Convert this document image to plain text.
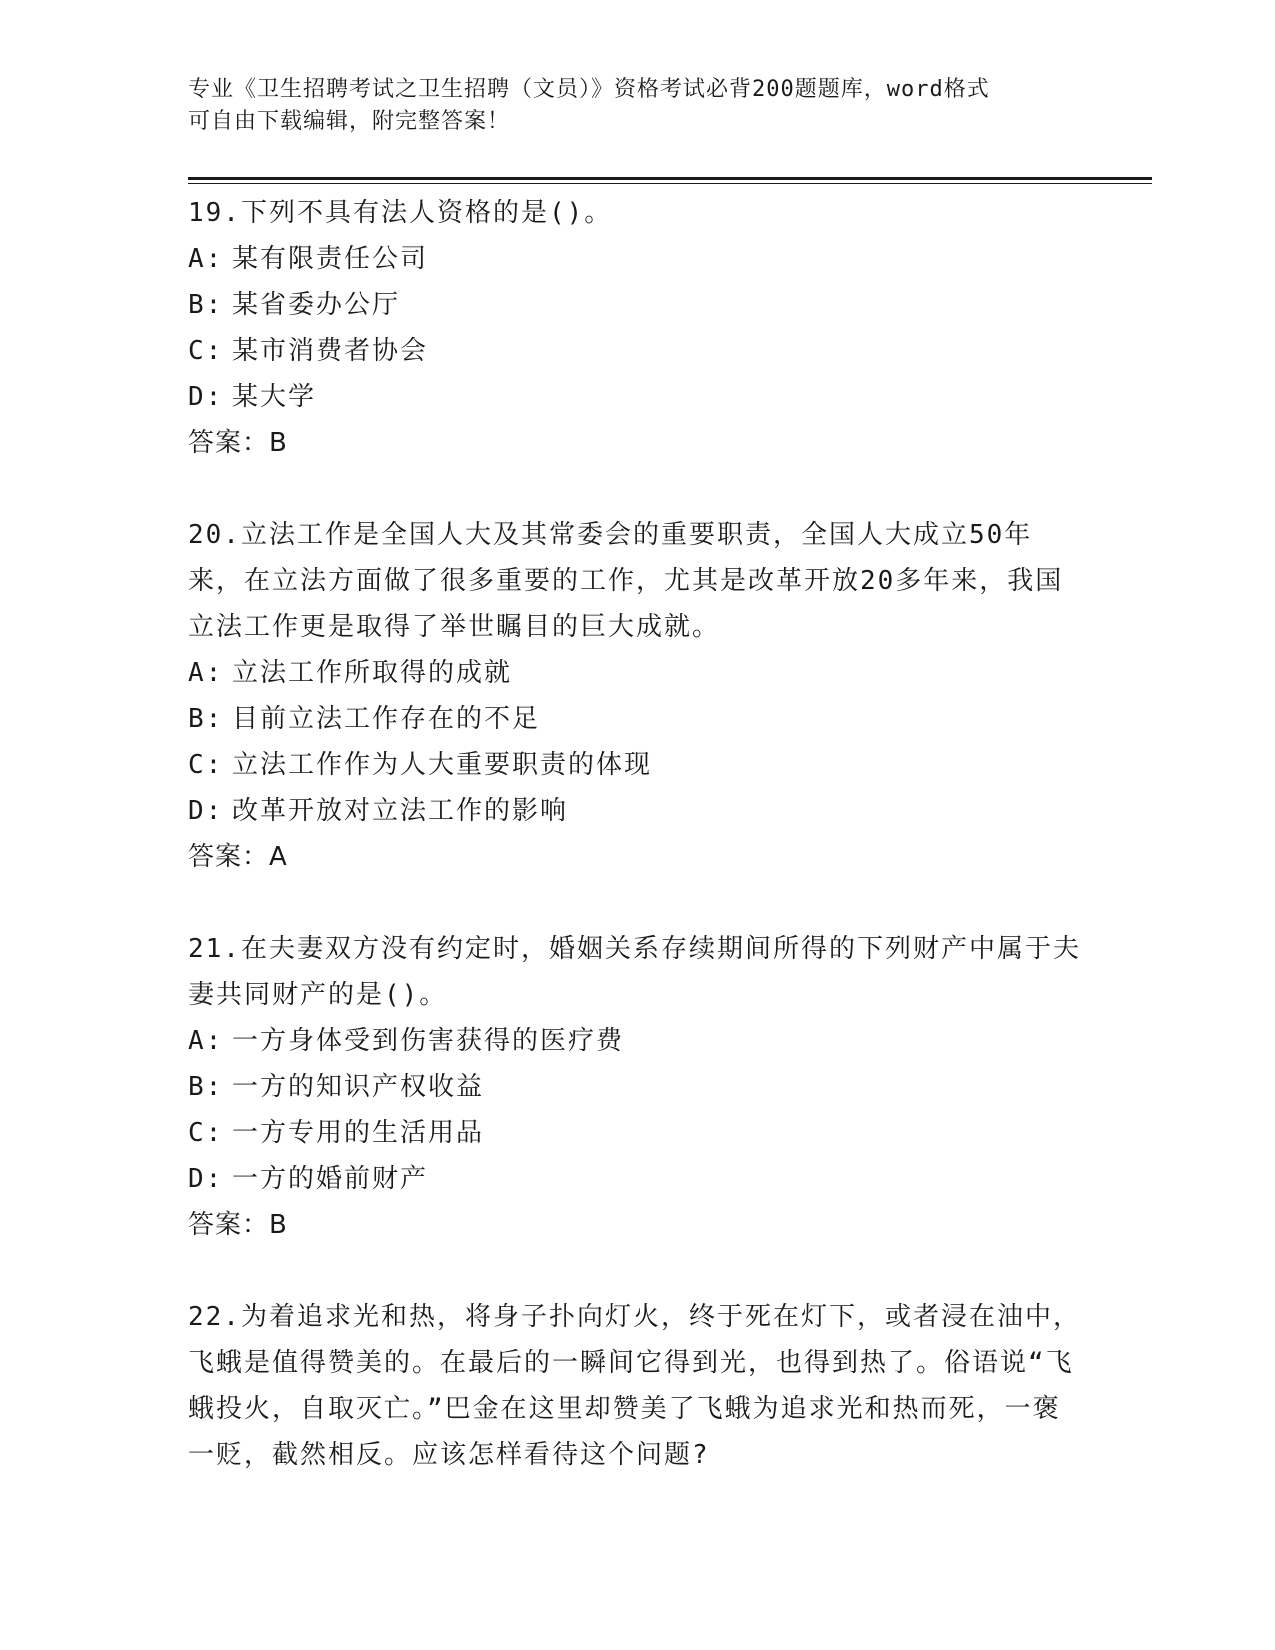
专业《卫生招聘考试之卫生招聘（文员）》资格考试必背200题题库，word格式
可自由下载编辑，附完整答案！

19.下列不具有法人资格的是()。

A: 某有限责任公司

B: 某省委办公厅

C: 某市消费者协会

D: 某大学

答案：B

20.立法工作是全国人大及其常委会的重要职责，全国人大成立50年来，在立法方面做了很多重要的工作，尤其是改革开放20多年来，我国立法工作更是取得了举世瞩目的巨大成就。

A: 立法工作所取得的成就

B: 目前立法工作存在的不足

C: 立法工作作为人大重要职责的体现

D: 改革开放对立法工作的影响

答案：A

21.在夫妻双方没有约定时，婚姻关系存续期间所得的下列财产中属于夫妻共同财产的是()。

A: 一方身体受到伤害获得的医疗费

B: 一方的知识产权收益

C: 一方专用的生活用品

D: 一方的婚前财产

答案：B

22.为着追求光和热，将身子扑向灯火，终于死在灯下，或者浸在油中，飞蛾是值得赞美的。在最后的一瞬间它得到光，也得到热了。俗语说“飞蛾投火，自取灭亡。”巴金在这里却赞美了飞蛾为追求光和热而死，一褒一贬，截然相反。应该怎样看待这个问题?
